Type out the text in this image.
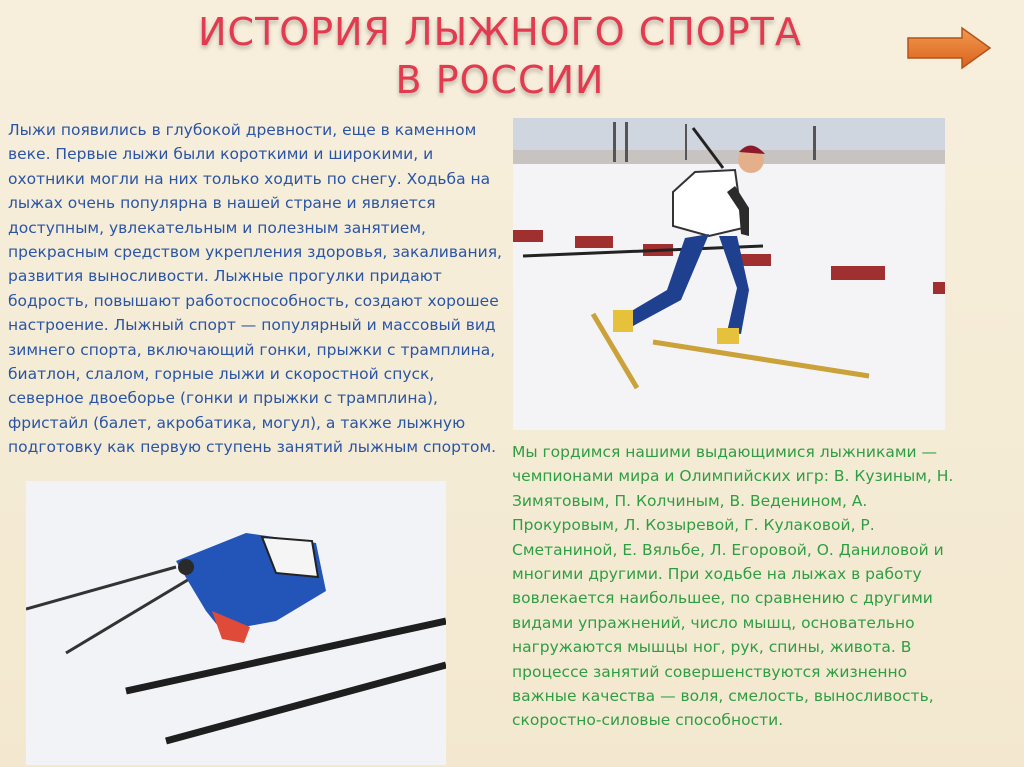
ИСТОРИЯ ЛЫЖНОГО СПОРТА В РОССИИ
Лыжи появились в глубокой древности, еще в каменном веке. Первые лыжи были короткими и широкими, и охотники могли на них только ходить по снегу. Ходьба на лыжах очень популярна в нашей стране и является доступным, увлекательным и полезным занятием, прекрасным средством укрепления здоровья, закаливания, развития выносливости. Лыжные прогулки придают бодрость, повышают работоспособность, создают хорошее настроение. Лыжный спорт — популярный и массовый вид зимнего спорта, включающий гонки, прыжки с трамплина, биатлон, слалом, горные лыжи и скоростной спуск, северное двоеборье (гонки и прыжки с трамплина), фристайл (балет, акробатика, могул), а также лыжную подготовку как первую ступень занятий лыжным спортом.	Мы гордимся нашими выдающимися лыжниками — чемпионами мира и Олимпийских игр: В. Кузиным, Н. Зимятовым, П. Колчиным, В. Веденином, А. Прокуровым, Л. Козыревой, Г. Кулаковой, Р. Сметаниной, Е. Вяльбе, Л. Егоровой, О. Даниловой и многими другими. При ходьбе на лыжах в работу вовлекается наибольшее, по сравнению с другими видами упражнений, число мышц, основательно нагружаются мышцы ног, рук, спины, живота. В процессе занятий совершенствуются жизненно важные качества — воля, смелость, выносливость, скоростно-силовые способности.
